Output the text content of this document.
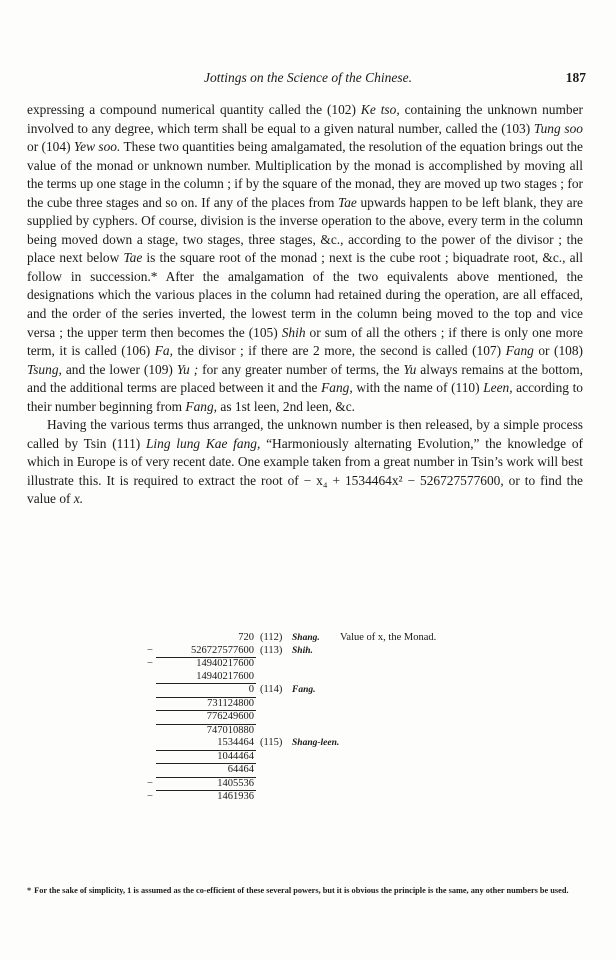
Jottings on the Science of the Chinese.	187

expressing a compound numerical quantity called the (102) Ke tso, containing the unknown number involved to any degree, which term shall be equal to a given natural number, called the (103) Tung soo or (104) Yew soo. These two quantities being amalgamated, the resolution of the equation brings out the value of the monad or unknown number. Multiplication by the monad is accomplished by moving all the terms up one stage in the column ; if by the square of the monad, they are moved up two stages ; for the cube three stages and so on. If any of the places from Tae upwards happen to be left blank, they are supplied by cyphers. Of course, division is the inverse operation to the above, every term in the column being moved down a stage, two stages, three stages, &c., according to the power of the divisor ; the place next below Tae is the square root of the monad ; next is the cube root ; biquadrate root, &c., all follow in succession.* After the amalgamation of the two equivalents above mentioned, the designations which the various places in the column had retained during the operation, are all effaced, and the order of the series inverted, the lowest term in the column being moved to the top and vice versa ; the upper term then becomes the (105) Shih or sum of all the others ; if there is only one more term, it is called (106) Fa, the divisor ; if there are 2 more, the second is called (107) Fang or (108) Tsung, and the lower (109) Yu ; for any greater number of terms, the Yu always remains at the bottom, and the additional terms are placed between it and the Fang, with the name of (110) Leen, according to their number beginning from Fang, as 1st leen, 2nd leen, &c.

Having the various terms thus arranged, the unknown number is then released, by a simple process called by Tsin (111) Ling lung Kae fang, “Harmoniously alternating Evolution,” the knowledge of which in Europe is of very recent date. One example taken from a great number in Tsin’s work will best illustrate this. It is required to extract the root of − x₄ + 1534464x² − 526727577600, or to find the value of x.

720 (112) Shang. Value of x, the Monad.
−	526727577600 (113) Shih.
−	14940217600
14940217600
0 (114) Fang.
731124800
776249600
747010880
1534464 (115) Shang-leen.
1044464
64464
−	1405536
−	1461936
* For the sake of simplicity, 1 is assumed as the co-efficient of these several powers, but it is obvious the principle is the same, any other numbers be used.
